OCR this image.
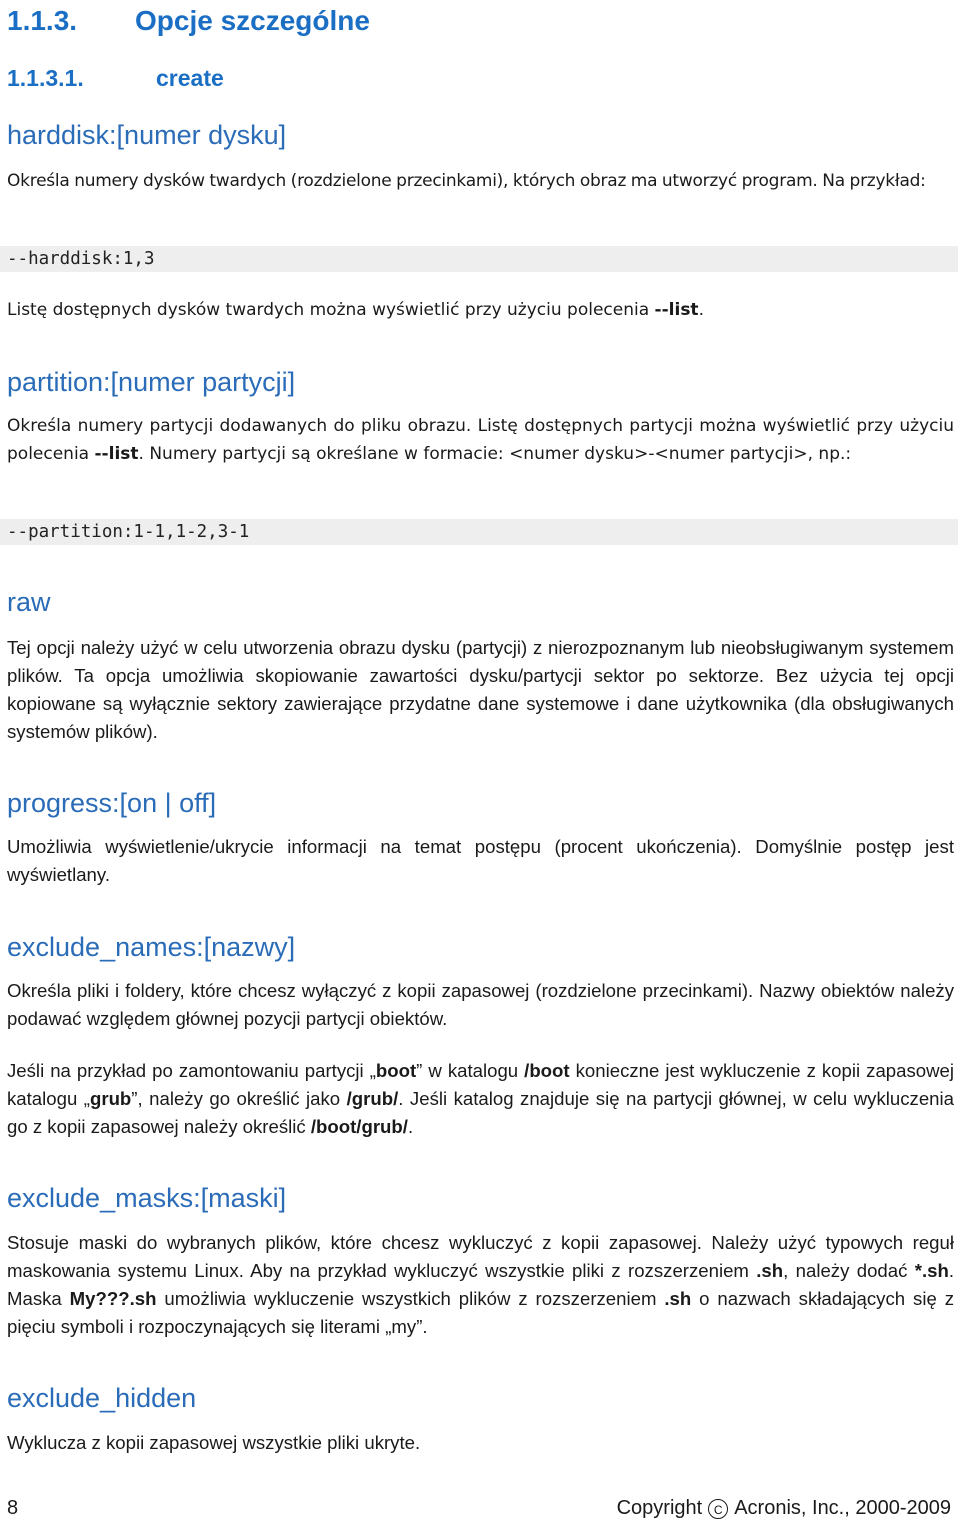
1.1.3. Opcje szczególne
1.1.3.1.	create
harddisk:[numer dysku]

Określa numery dysków twardych (rozdzielone przecinkami), których obraz ma utworzyć program. Na przykład:

--harddisk:1,3

Listę dostępnych dysków twardych można wyświetlić przy użyciu polecenia --list.

partition:[numer partycji]

Określa numery partycji dodawanych do pliku obrazu. Listę dostępnych partycji można wyświetlić przy użyciu polecenia --list. Numery partycji są określane w formacie: <numer dysku>-<numer partycji>, np.:

--partition:1-1,1-2,3-1
raw

Tej opcji należy użyć w celu utworzenia obrazu dysku (partycji) z nierozpoznanym lub nieobsługiwanym systemem plików. Ta opcja umożliwia skopiowanie zawartości dysku/partycji sektor po sektorze. Bez użycia tej opcji kopiowane są wyłącznie sektory zawierające przydatne dane systemowe i dane użytkownika (dla obsługiwanych systemów plików).

progress:[on | off]

Umożliwia wyświetlenie/ukrycie informacji na temat postępu (procent ukończenia). Domyślnie postęp jest wyświetlany.

exclude_names:[nazwy]

Określa pliki i foldery, które chcesz wyłączyć z kopii zapasowej (rozdzielone przecinkami). Nazwy obiektów należy podawać względem głównej pozycji partycji obiektów.

Jeśli na przykład po zamontowaniu partycji „boot” w katalogu /boot konieczne jest wykluczenie z kopii zapasowej katalogu „grub”, należy go określić jako /grub/. Jeśli katalog znajduje się na partycji głównej, w celu wykluczenia go z kopii zapasowej należy określić /boot/grub/.

exclude_masks:[maski]

Stosuje maski do wybranych plików, które chcesz wykluczyć z kopii zapasowej. Należy użyć typowych reguł maskowania systemu Linux. Aby na przykład wykluczyć wszystkie pliki z rozszerzeniem .sh, należy dodać *.sh. Maska My???.sh umożliwia wykluczenie wszystkich plików z rozszerzeniem .sh o nazwach składających się z pięciu symboli i rozpoczynających się literami „my”.

exclude_hidden

Wyklucza z kopii zapasowej wszystkie pliki ukryte.

8	Copyright C Acronis, Inc., 2000-2009
